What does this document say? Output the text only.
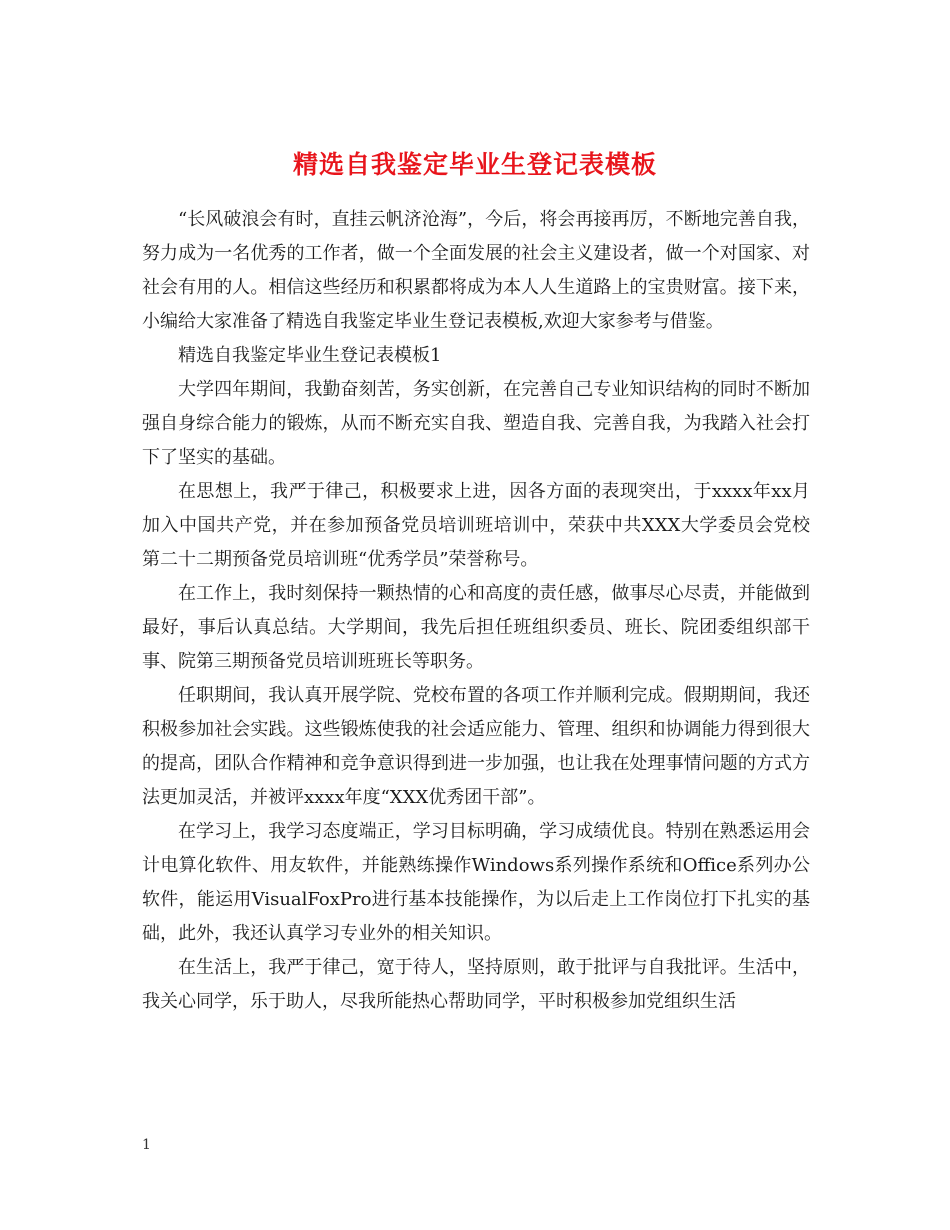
精选自我鉴定毕业生登记表模板

“长风破浪会有时，直挂云帆济沧海”，今后，将会再接再厉，不断地完善自我，努力成为一名优秀的工作者，做一个全面发展的社会主义建设者，做一个对国家、对社会有用的人。相信这些经历和积累都将成为本人人生道路上的宝贵财富。接下来，小编给大家准备了精选自我鉴定毕业生登记表模板,欢迎大家参考与借鉴。

精选自我鉴定毕业生登记表模板1

大学四年期间，我勤奋刻苦，务实创新，在完善自己专业知识结构的同时不断加强自身综合能力的锻炼，从而不断充实自我、塑造自我、完善自我，为我踏入社会打下了坚实的基础。

在思想上，我严于律己，积极要求上进，因各方面的表现突出，于xxxx年xx月加入中国共产党，并在参加预备党员培训班培训中，荣获中共XXX大学委员会党校第二十二期预备党员培训班“优秀学员”荣誉称号。

在工作上，我时刻保持一颗热情的心和高度的责任感，做事尽心尽责，并能做到最好，事后认真总结。大学期间，我先后担任班组织委员、班长、院团委组织部干事、院第三期预备党员培训班班长等职务。

任职期间，我认真开展学院、党校布置的各项工作并顺利完成。假期期间，我还积极参加社会实践。这些锻炼使我的社会适应能力、管理、组织和协调能力得到很大的提高，团队合作精神和竞争意识得到进一步加强，也让我在处理事情问题的方式方法更加灵活，并被评xxxx年度“XXX优秀团干部”。

在学习上，我学习态度端正，学习目标明确，学习成绩优良。特别在熟悉运用会计电算化软件、用友软件，并能熟练操作Windows系列操作系统和Office系列办公软件，能运用VisualFoxPro进行基本技能操作，为以后走上工作岗位打下扎实的基础，此外，我还认真学习专业外的相关知识。

在生活上，我严于律己，宽于待人，坚持原则，敢于批评与自我批评。生活中，我关心同学，乐于助人，尽我所能热心帮助同学，平时积极参加党组织生活

1
